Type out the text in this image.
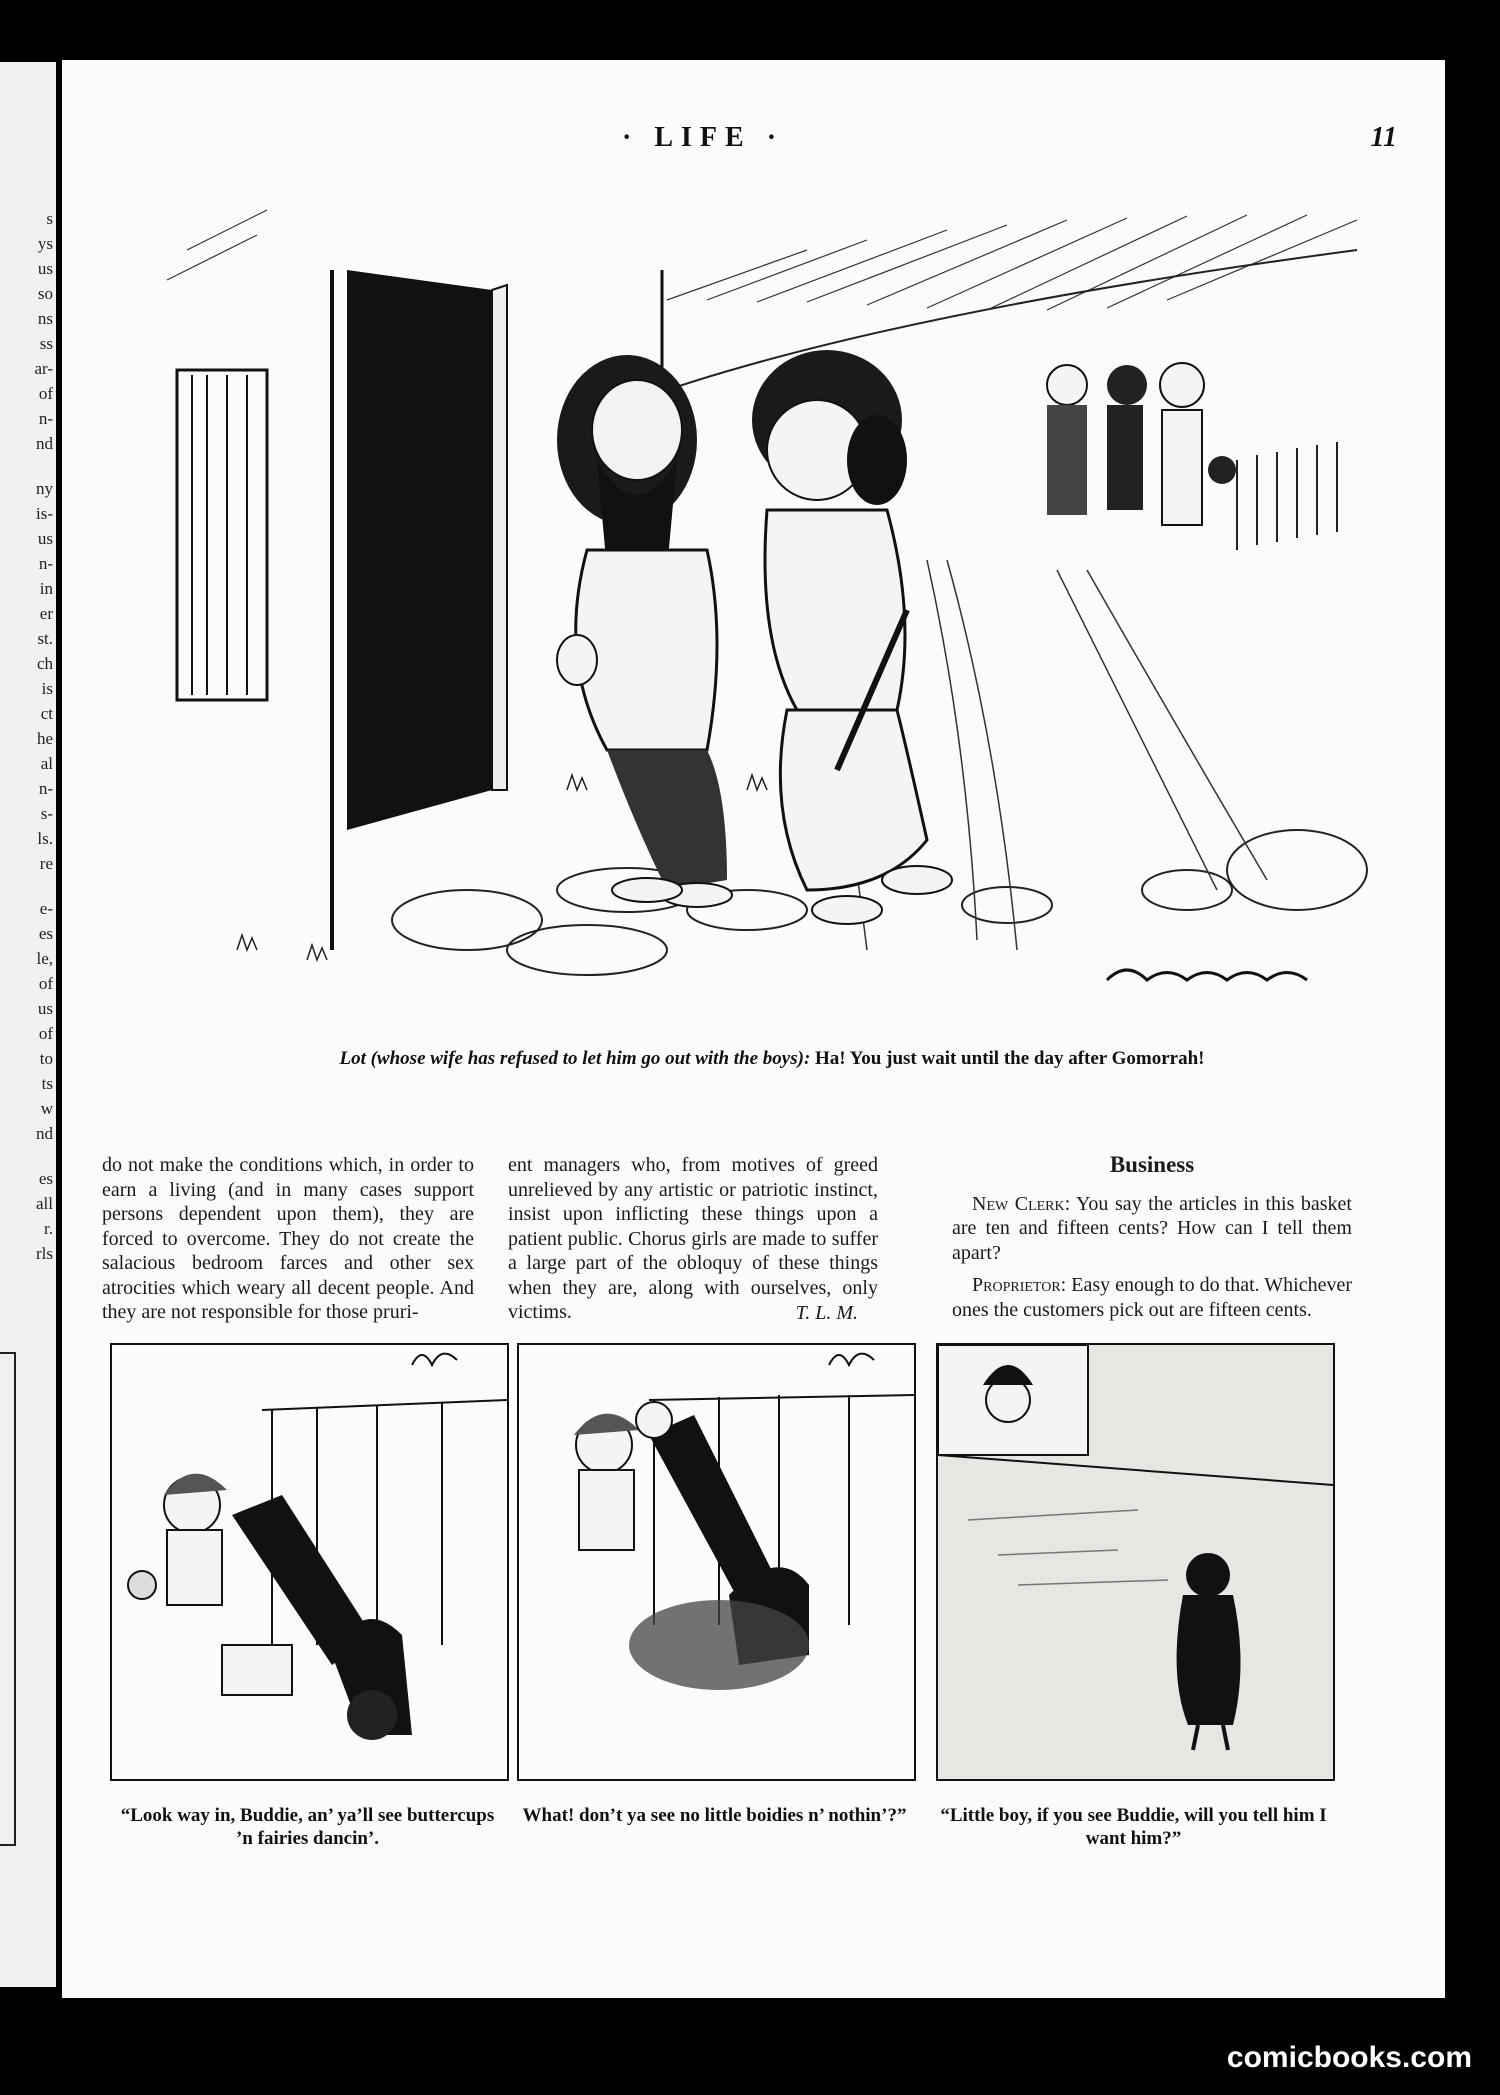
s
ys
us
so
ns
ss
ar-
of
n-
nd
ny
is-
us
n-
in
er
st.
ch
is
ct
he
al
n-
s-
ls.
re
e-
es
le,
of
us
of
to
ts
w
nd
es
all
r.
rls
· LIFE ·	11
Lot (whose wife has refused to let him go out with the boys): Ha! You just wait until the day after Gomorrah!
do not make the conditions which, in order to earn a living (and in many cases support persons dependent upon them), they are forced to overcome. They do not create the salacious bedroom farces and other sex atrocities which weary all decent people. And they are not responsible for those pruri-
ent managers who, from motives of greed unrelieved by any artistic or patriotic instinct, insist upon inflicting these things upon a patient public. Chorus girls are made to suffer a large part of the obloquy of these things when they are, along with ourselves, only victims.	T. L. M.
Business

New Clerk: You say the articles in this basket are ten and fifteen cents? How can I tell them apart?

Proprietor: Easy enough to do that. Whichever ones the customers pick out are fifteen cents.

“Look way in, Buddie, an’ ya’ll see buttercups ’n fairies dancin’.
What! don’t ya see no little boidies n’ nothin’?” “Little boy, if you see Buddie, will you tell him I want him?”
comicbooks.com
